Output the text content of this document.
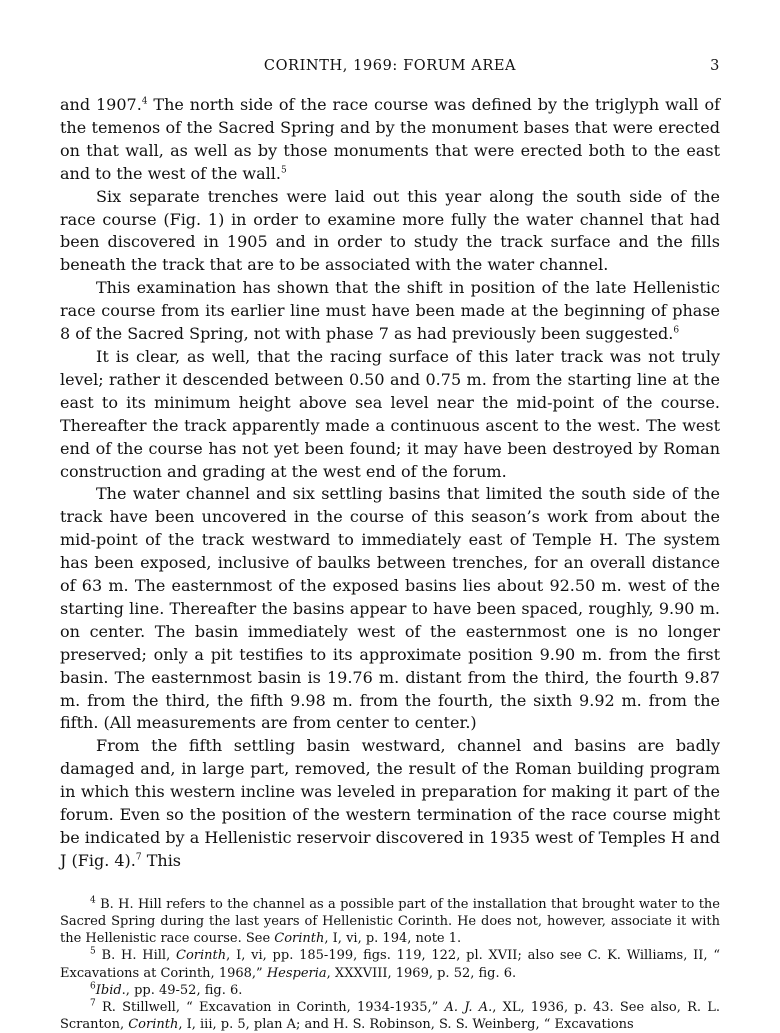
CORINTH, 1969: FORUM AREA	3

and 1907.$^4$ The north side of the race course was defined by the triglyph wall of the temenos of the Sacred Spring and by the monument bases that were erected on that wall, as well as by those monuments that were erected both to the east and to the west of the wall.$^5$

Six separate trenches were laid out this year along the south side of the race course (Fig. 1) in order to examine more fully the water channel that had been discovered in 1905 and in order to study the track surface and the fills beneath the track that are to be associated with the water channel.

This examination has shown that the shift in position of the late Hellenistic race course from its earlier line must have been made at the beginning of phase 8 of the Sacred Spring, not with phase 7 as had previously been suggested.$^6$

It is clear, as well, that the racing surface of this later track was not truly level; rather it descended between 0.50 and 0.75 m. from the starting line at the east to its minimum height above sea level near the mid-point of the course. Thereafter the track apparently made a continuous ascent to the west. The west end of the course has not yet been found; it may have been destroyed by Roman construction and grading at the west end of the forum.

The water channel and six settling basins that limited the south side of the track have been uncovered in the course of this season’s work from about the mid-point of the track westward to immediately east of Temple H. The system has been exposed, inclusive of baulks between trenches, for an overall distance of 63 m. The easternmost of the exposed basins lies about 92.50 m. west of the starting line. Thereafter the basins appear to have been spaced, roughly, 9.90 m. on center. The basin immediately west of the easternmost one is no longer preserved; only a pit testifies to its approximate position 9.90 m. from the first basin. The easternmost basin is 19.76 m. distant from the third, the fourth 9.87 m. from the third, the fifth 9.98 m. from the fourth, the sixth 9.92 m. from the fifth. (All measurements are from center to center.)

From the fifth settling basin westward, channel and basins are badly damaged and, in large part, removed, the result of the Roman building program in which this western incline was leveled in preparation for making it part of the forum. Even so the position of the western termination of the race course might be indicated by a Hellenistic reservoir discovered in 1935 west of Temples H and J (Fig. 4).$^7$ This

$^4$ B. H. Hill refers to the channel as a possible part of the installation that brought water to the Sacred Spring during the last years of Hellenistic Corinth. He does not, however, associate it with the Hellenistic race course. See Corinth, I, vi, p. 194, note 1.

$^5$ B. H. Hill, Corinth, I, vi, pp. 185-199, figs. 119, 122, pl. XVII; also see C. K. Williams, II, “ Excavations at Corinth, 1968,” Hesperia, XXXVIII, 1969, p. 52, fig. 6.

$^6$Ibid., pp. 49-52, fig. 6.

$^7$ R. Stillwell, “ Excavation in Corinth, 1934-1935,” A. J. A., XL, 1936, p. 43. See also, R. L. Scranton, Corinth, I, iii, p. 5, plan A; and H. S. Robinson, S. S. Weinberg, “ Excavations
